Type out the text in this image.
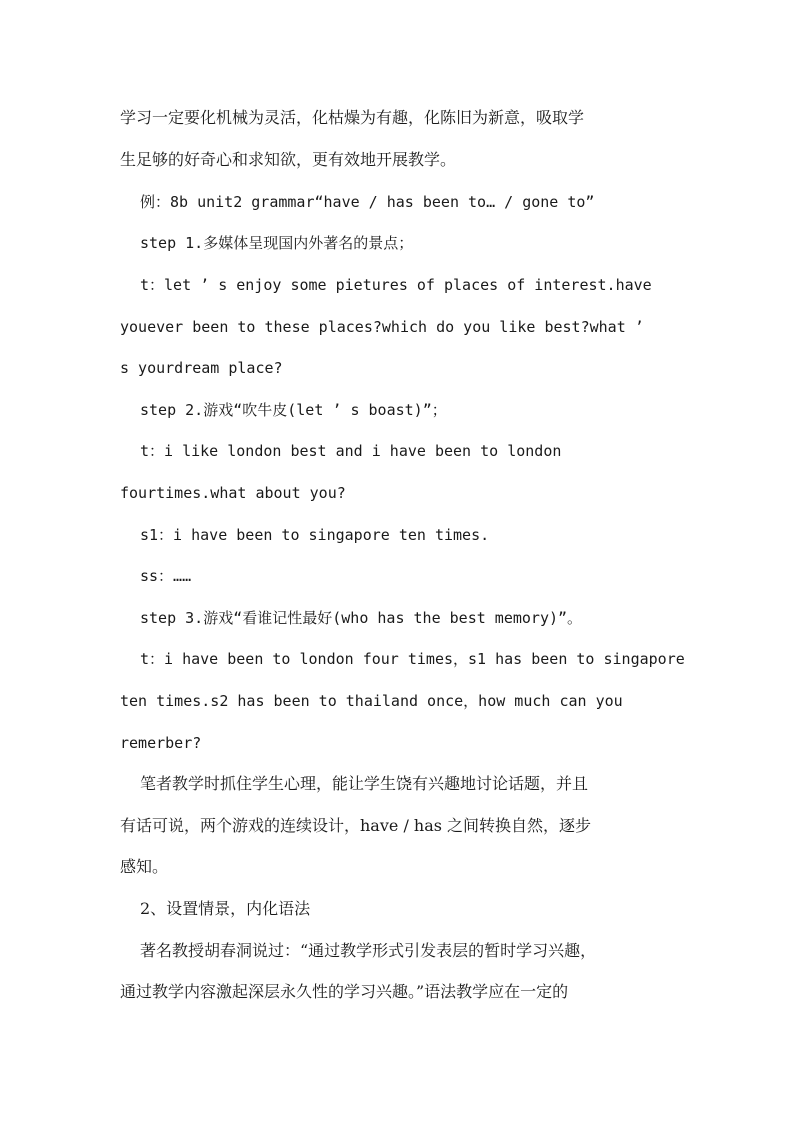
学习一定要化机械为灵活，化枯燥为有趣，化陈旧为新意，吸取学
生足够的好奇心和求知欲，更有效地开展教学。
例：8b unit2 grammar“have / has been to… / gone to”
step 1.多媒体呈现国内外著名的景点；
t：let ’ s enjoy some pietures of places of interest.have
youever been to these places?which do you like best?what ’
s yourdream place?
step 2.游戏“吹牛皮(let ’ s boast)”；
t：i like london best and i have been to london
fourtimes.what about you?
s1：i have been to singapore ten times.
ss：……
step 3.游戏“看谁记性最好(who has the best memory)”。
t：i have been to london four times，s1 has been to singapore
ten times.s2 has been to thailand once，how much can you
remerber?
笔者教学时抓住学生心理，能让学生饶有兴趣地讨论话题，并且
有话可说，两个游戏的连续设计，have / has 之间转换自然，逐步
感知。
2、设置情景，内化语法
著名教授胡春洞说过：“通过教学形式引发表层的暂时学习兴趣，
通过教学内容激起深层永久性的学习兴趣。”语法教学应在一定的
